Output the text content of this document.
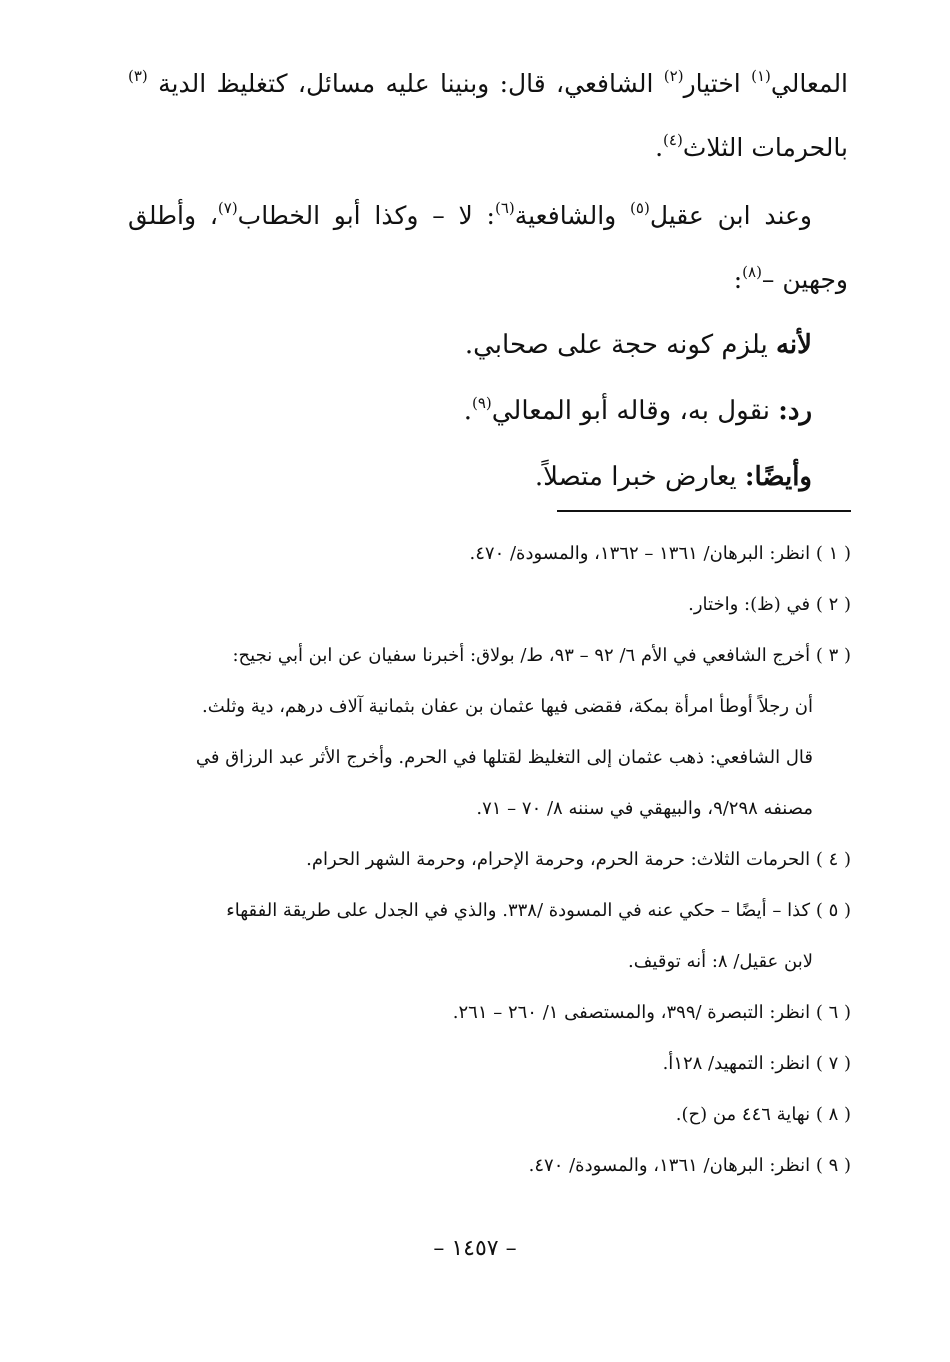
المعالي$^{(١)}$ اختيار$^{(٢)}$ الشافعي، قال: وبنينا عليه مسائل، كتغليظ الدية $^{(٣)}$ بالحرمات الثلاث$^{(٤)}$.

وعند ابن عقيل$^{(٥)}$ والشافعية$^{(٦)}$: لا – وكذا أبو الخطاب$^{(٧)}$، وأطلق وجهين –$^{(٨)}$:

لأنه يلزم كونه حجة على صحابي.

رد: نقول به، وقاله أبو المعالي$^{(٩)}$.

وأيضًا: يعارض خبرا متصلاً.

( ١ ) انظر: البرهان/ ١٣٦١ – ١٣٦٢، والمسودة/ ٤٧٠.

( ٢ ) في (ظ): واختار.

( ٣ ) أخرج الشافعي في الأم ٦/ ٩٢ – ٩٣، ط/ بولاق: أخبرنا سفيان عن ابن أبي نجيح:

أن رجلاً أوطأ امرأة بمكة، فقضى فيها عثمان بن عفان بثمانية آلاف درهم، دية وثلث.

قال الشافعي: ذهب عثمان إلى التغليظ لقتلها في الحرم. وأخرج الأثر عبد الرزاق في

مصنفه ٩/٢٩٨، والبيهقي في سننه ٨/ ٧٠ – ٧١.

( ٤ ) الحرمات الثلاث: حرمة الحرم، وحرمة الإحرام، وحرمة الشهر الحرام.

( ٥ ) كذا – أيضًا – حكي عنه في المسودة /٣٣٨. والذي في الجدل على طريقة الفقهاء

لابن عقيل/ ٨: أنه توقيف.

( ٦ ) انظر: التبصرة /٣٩٩، والمستصفى ١/ ٢٦٠ – ٢٦١.

( ٧ ) انظر: التمهيد/ ١٢٨أ.

( ٨ ) نهاية ٤٤٦ من (ح).

( ٩ ) انظر: البرهان/ ١٣٦١، والمسودة/ ٤٧٠.

– ١٤٥٧ –
